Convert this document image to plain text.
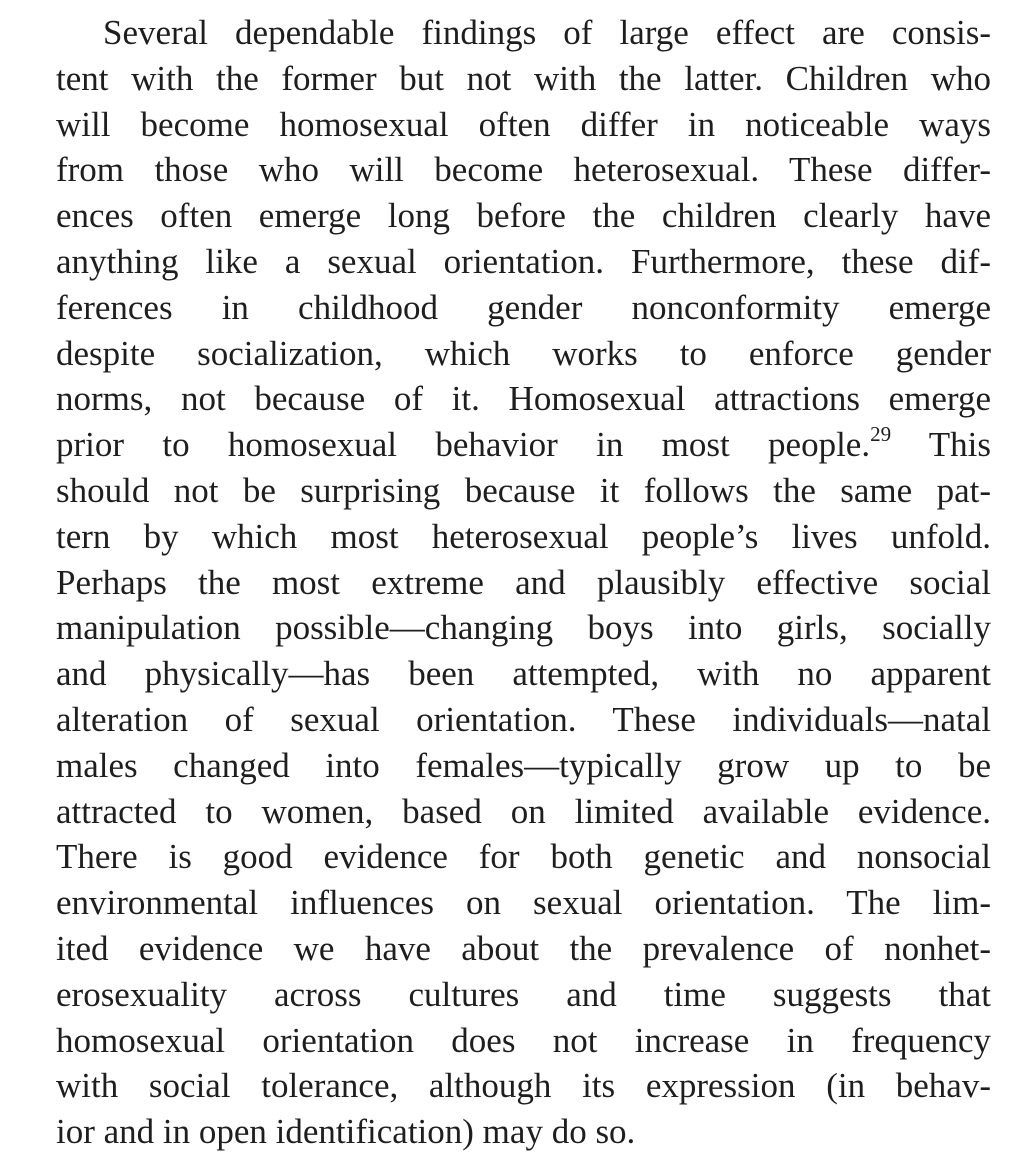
Several dependable findings of large effect are consis-
tent with the former but not with the latter. Children who
will become homosexual often differ in noticeable ways
from those who will become heterosexual. These differ-
ences often emerge long before the children clearly have
anything like a sexual orientation. Furthermore, these dif-
ferences in childhood gender nonconformity emerge
despite socialization, which works to enforce gender
norms, not because of it. Homosexual attractions emerge
prior to homosexual behavior in most people.$^{29}$ This
should not be surprising because it follows the same pat-
tern by which most heterosexual people’s lives unfold.
Perhaps the most extreme and plausibly effective social
manipulation possible—changing boys into girls, socially
and physically—has been attempted, with no apparent
alteration of sexual orientation. These individuals—natal
males changed into females—typically grow up to be
attracted to women, based on limited available evidence.
There is good evidence for both genetic and nonsocial
environmental influences on sexual orientation. The lim-
ited evidence we have about the prevalence of nonhet-
erosexuality across cultures and time suggests that
homosexual orientation does not increase in frequency
with social tolerance, although its expression (in behav-
ior and in open identification) may do so.
